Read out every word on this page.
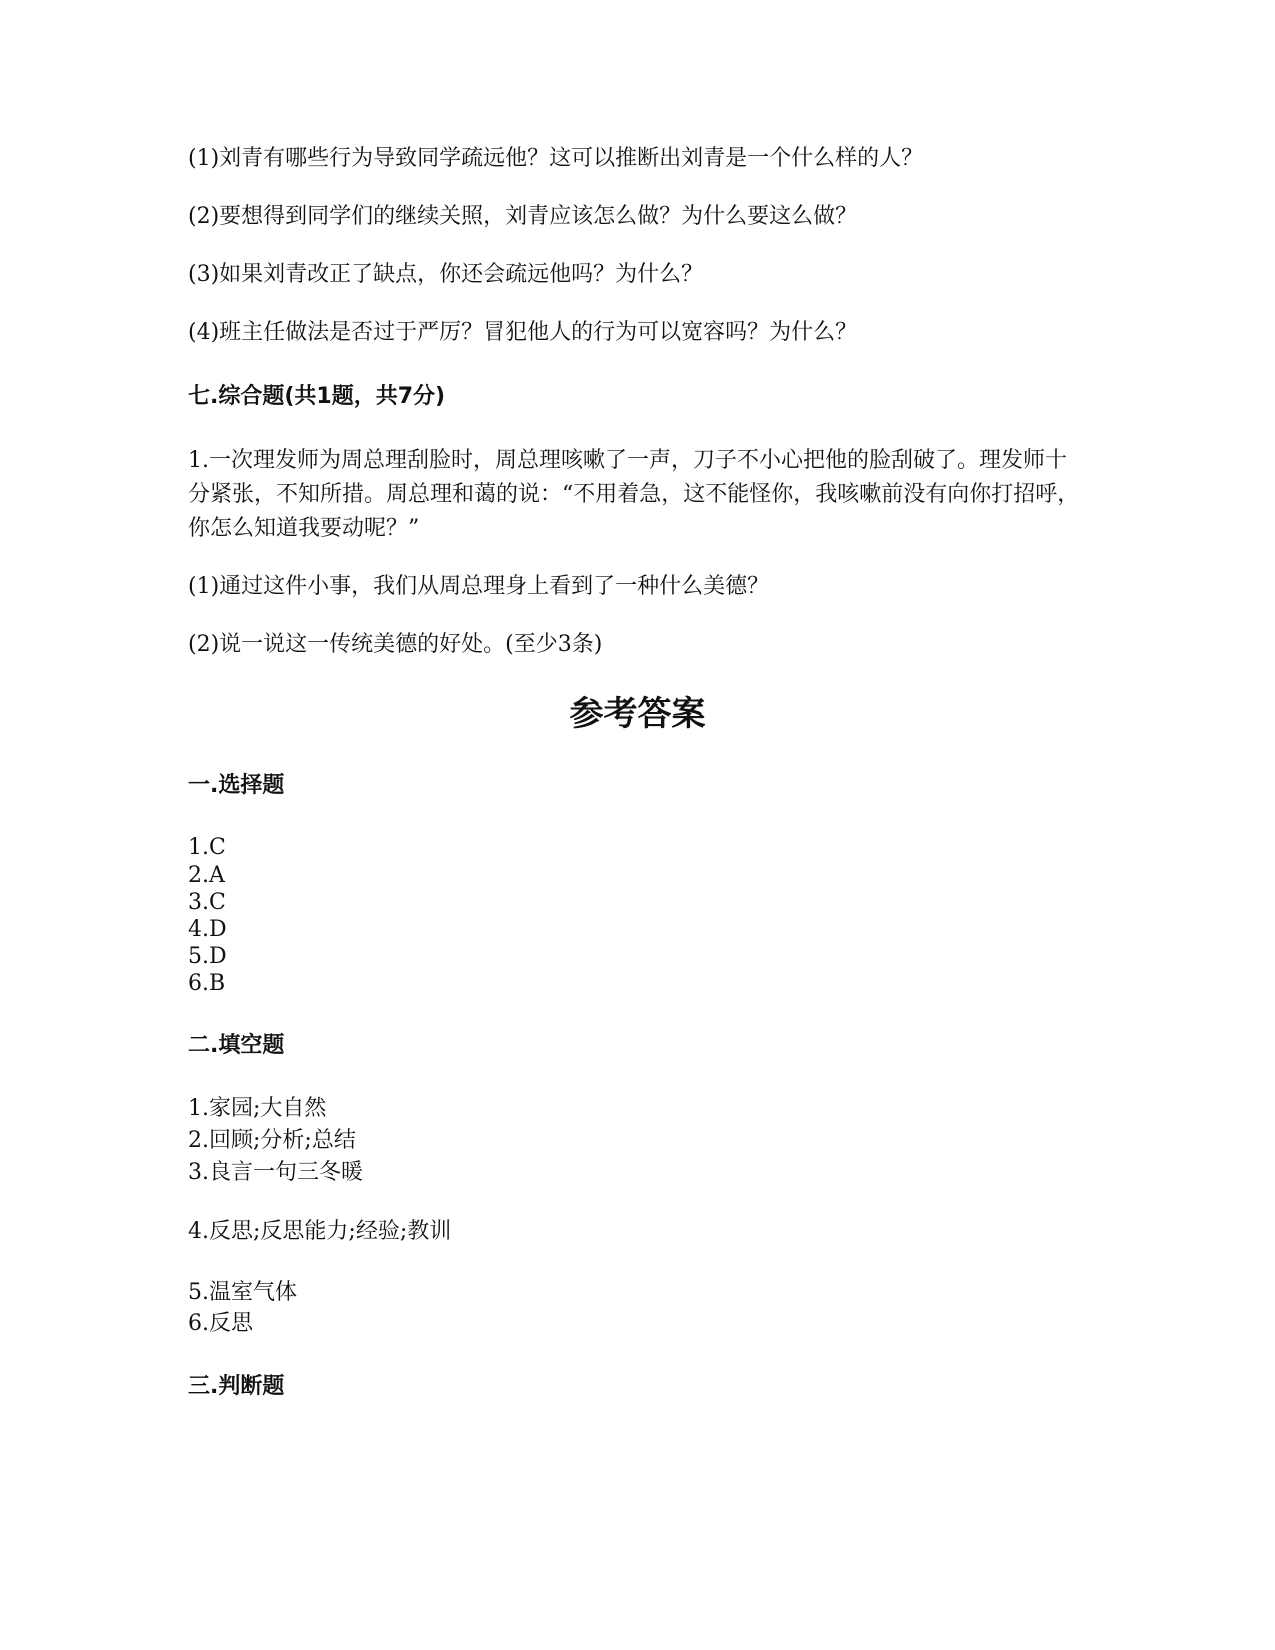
(1)刘青有哪些行为导致同学疏远他？这可以推断出刘青是一个什么样的人？
(2)要想得到同学们的继续关照，刘青应该怎么做？为什么要这么做？
(3)如果刘青改正了缺点，你还会疏远他吗？为什么？
(4)班主任做法是否过于严厉？冒犯他人的行为可以宽容吗？为什么？
七.综合题(共1题，共7分)
1.一次理发师为周总理刮脸时，周总理咳嗽了一声，刀子不小心把他的脸刮破了。理发师十分紧张，不知所措。周总理和蔼的说：“不用着急，这不能怪你，我咳嗽前没有向你打招呼，你怎么知道我要动呢？”
(1)通过这件小事，我们从周总理身上看到了一种什么美德？
(2)说一说这一传统美德的好处。(至少3条)
参考答案
一.选择题
1.C
2.A
3.C
4.D
5.D
6.B
二.填空题
1.家园;大自然
2.回顾;分析;总结
3.良言一句三冬暖
4.反思;反思能力;经验;教训
5.温室气体
6.反思
三.判断题
